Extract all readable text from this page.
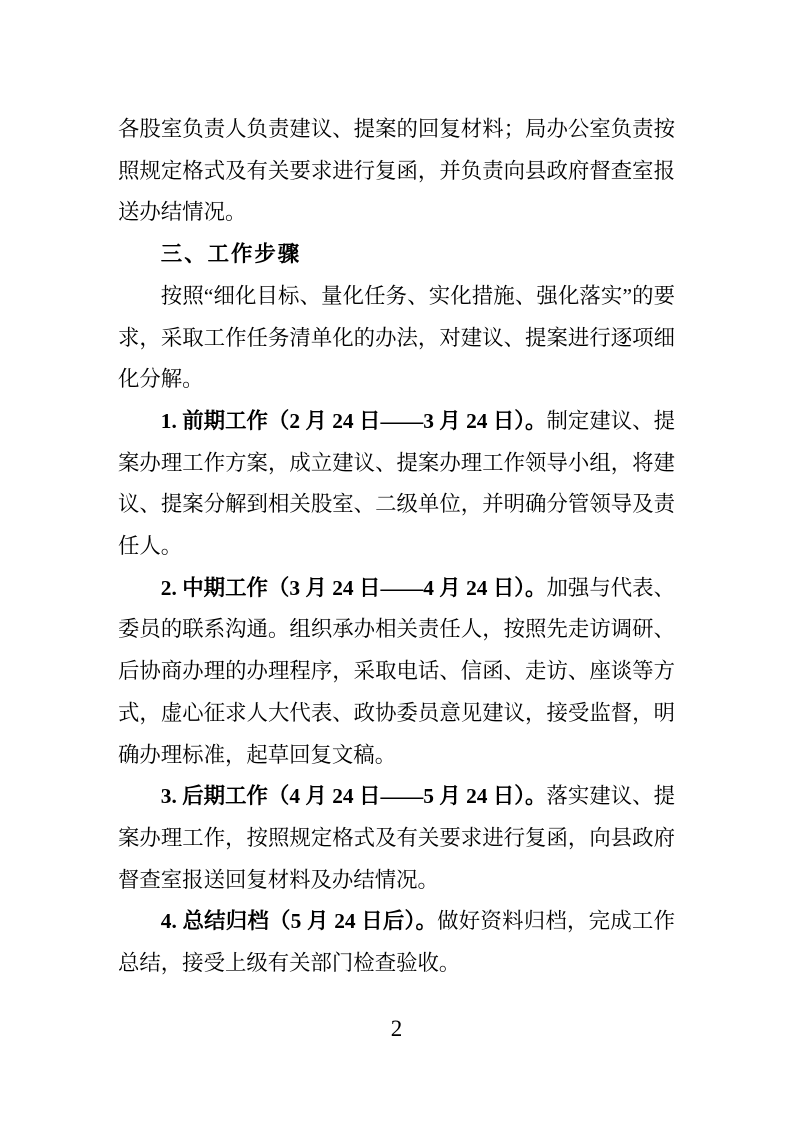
各股室负责人负责建议、提案的回复材料；局办公室负责按照规定格式及有关要求进行复函，并负责向县政府督查室报送办结情况。

三、工作步骤

按照“细化目标、量化任务、实化措施、强化落实”的要求，采取工作任务清单化的办法，对建议、提案进行逐项细化分解。

1. 前期工作（2 月 24 日——3 月 24 日）。制定建议、提案办理工作方案，成立建议、提案办理工作领导小组，将建议、提案分解到相关股室、二级单位，并明确分管领导及责任人。

2. 中期工作（3 月 24 日——4 月 24 日）。加强与代表、委员的联系沟通。组织承办相关责任人，按照先走访调研、后协商办理的办理程序，采取电话、信函、走访、座谈等方式，虚心征求人大代表、政协委员意见建议，接受监督，明确办理标准，起草回复文稿。

3. 后期工作（4 月 24 日——5 月 24 日）。落实建议、提案办理工作，按照规定格式及有关要求进行复函，向县政府督查室报送回复材料及办结情况。

4. 总结归档（5 月 24 日后）。做好资料归档，完成工作总结，接受上级有关部门检查验收。

2
